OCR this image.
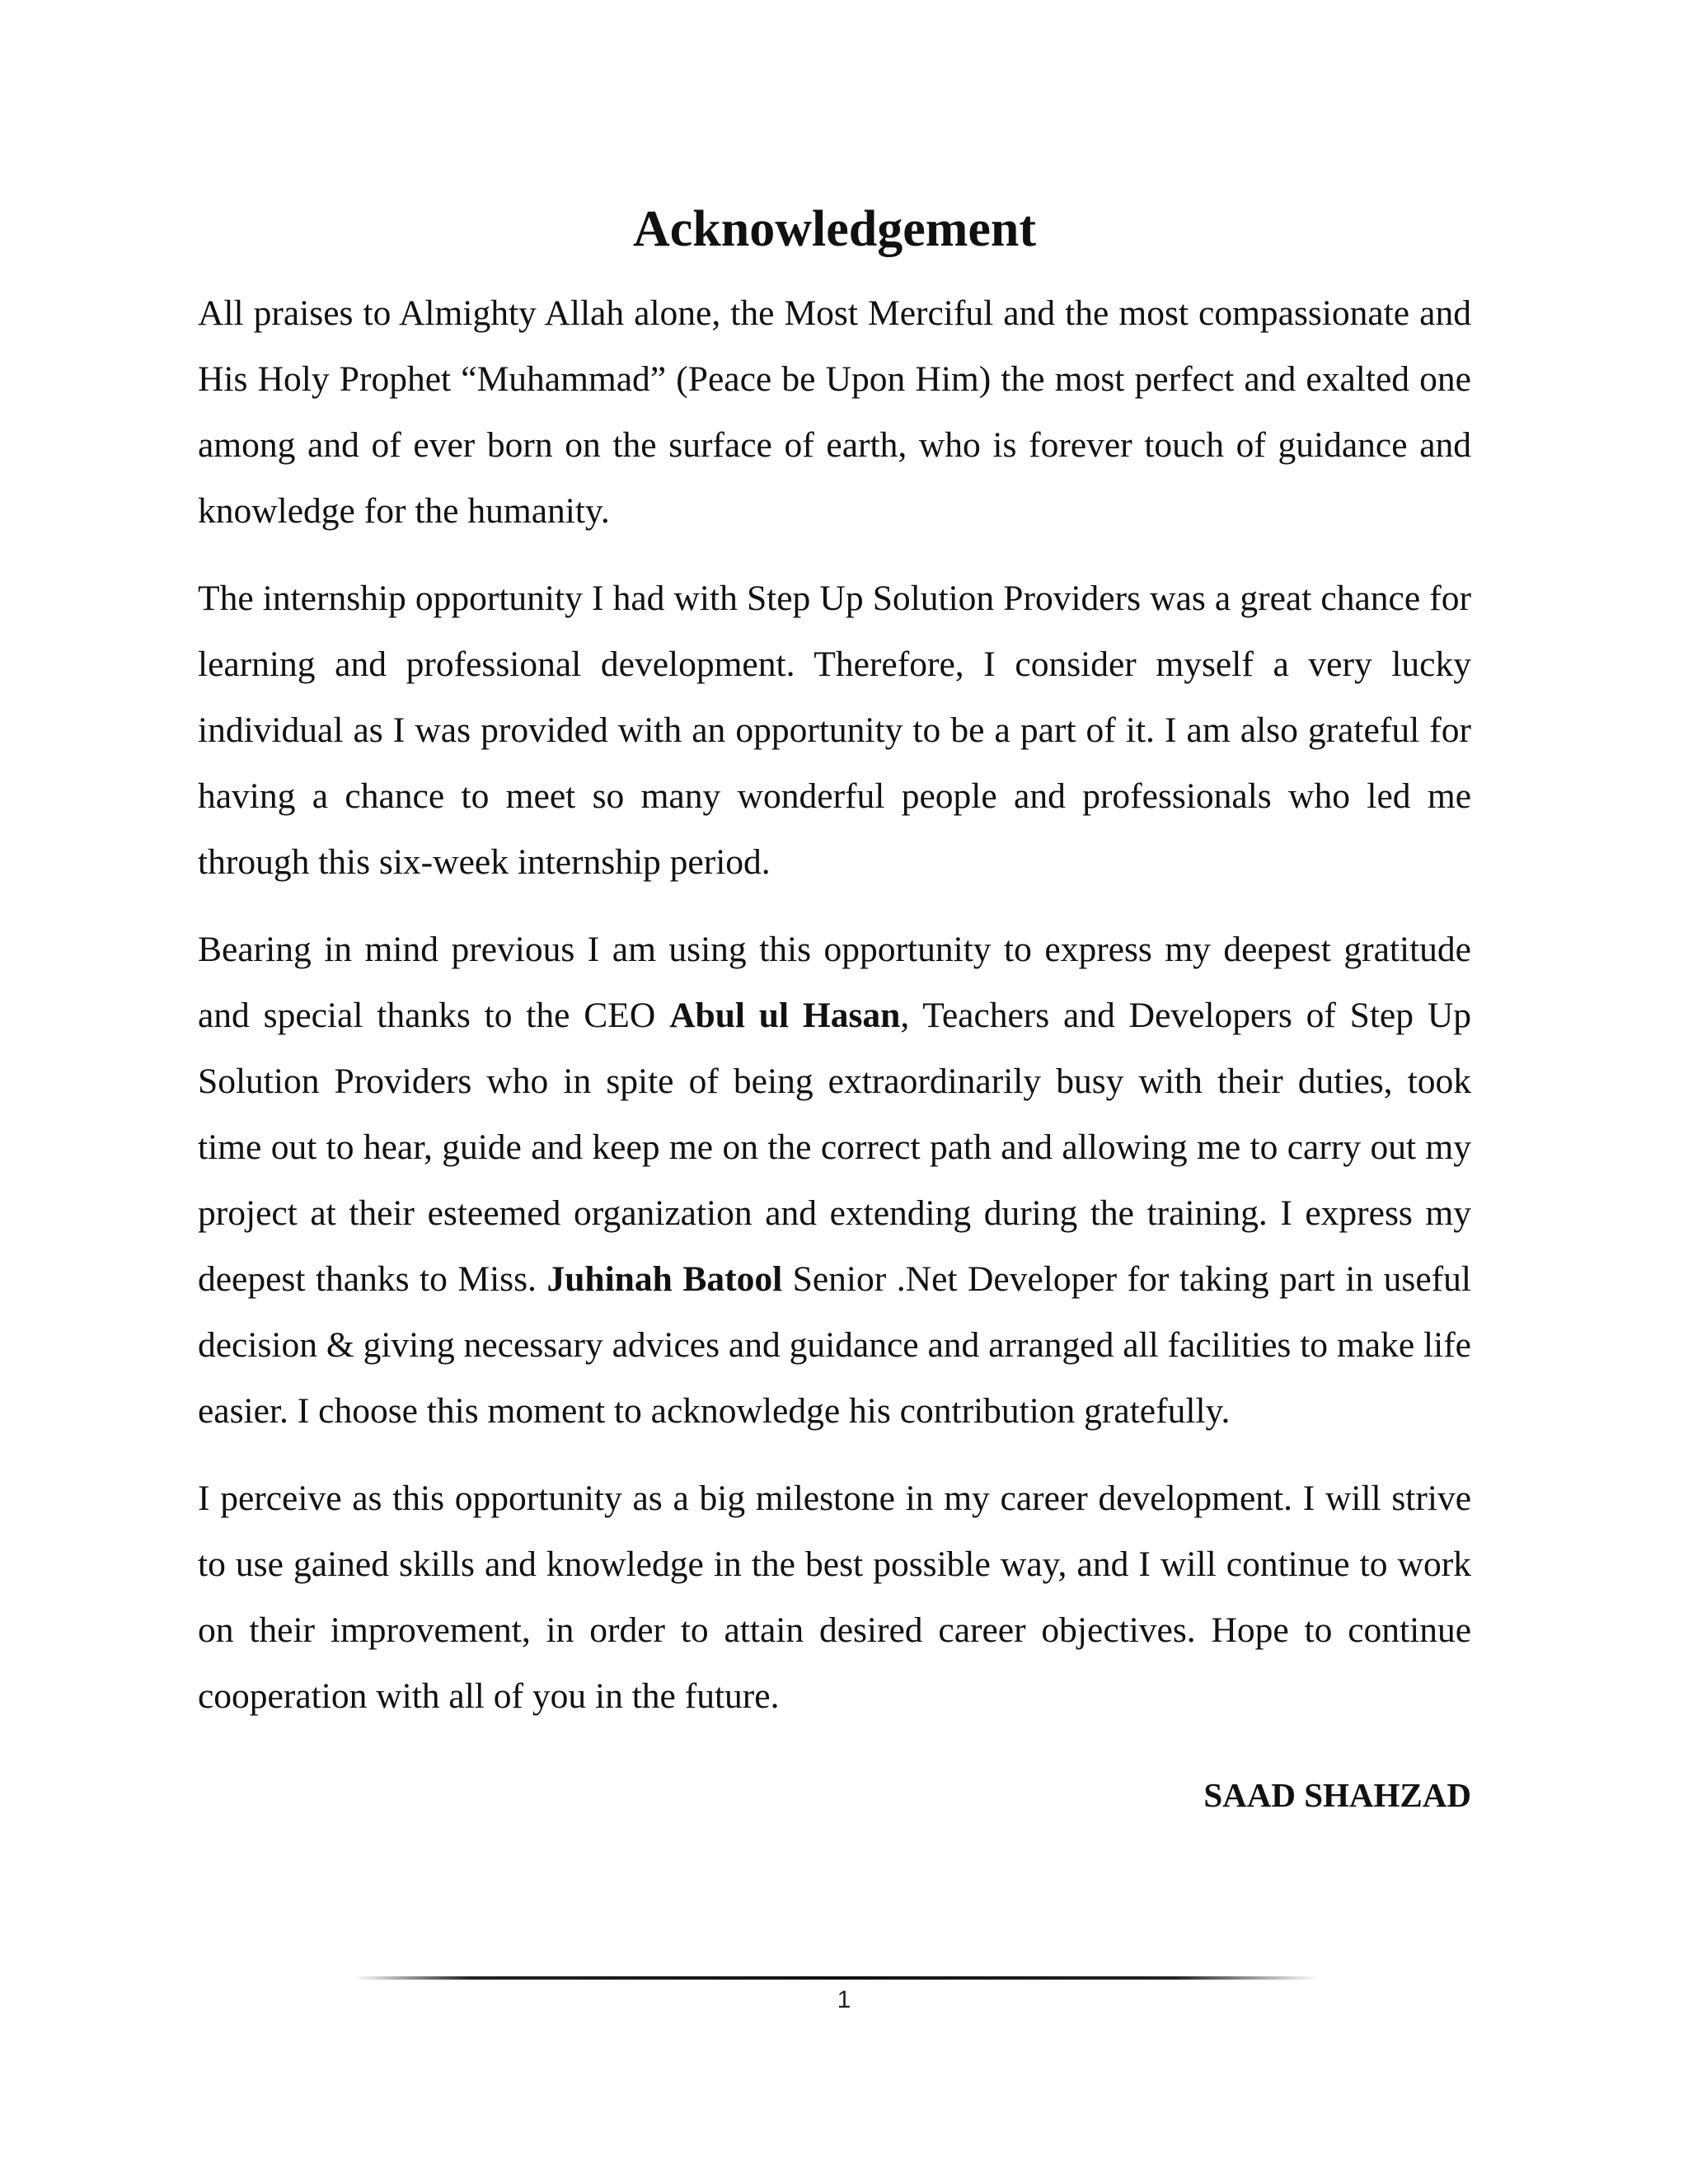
Acknowledgement

All praises to Almighty Allah alone, the Most Merciful and the most compassionate and His Holy Prophet “Muhammad” (Peace be Upon Him) the most perfect and exalted one among and of ever born on the surface of earth, who is forever touch of guidance and knowledge for the humanity.

The internship opportunity I had with Step Up Solution Providers was a great chance for learning and professional development. Therefore, I consider myself a very lucky individual as I was provided with an opportunity to be a part of it. I am also grateful for having a chance to meet so many wonderful people and professionals who led me through this six-week internship period.

Bearing in mind previous I am using this opportunity to express my deepest gratitude and special thanks to the CEO Abul ul Hasan, Teachers and Developers of Step Up Solution Providers who in spite of being extraordinarily busy with their duties, took time out to hear, guide and keep me on the correct path and allowing me to carry out my project at their esteemed organization and extending during the training. I express my deepest thanks to Miss. Juhinah Batool Senior .Net Developer for taking part in useful decision & giving necessary advices and guidance and arranged all facilities to make life easier. I choose this moment to acknowledge his contribution gratefully.

I perceive as this opportunity as a big milestone in my career development. I will strive to use gained skills and knowledge in the best possible way, and I will continue to work on their improvement, in order to attain desired career objectives. Hope to continue cooperation with all of you in the future.

SAAD SHAHZAD
1
